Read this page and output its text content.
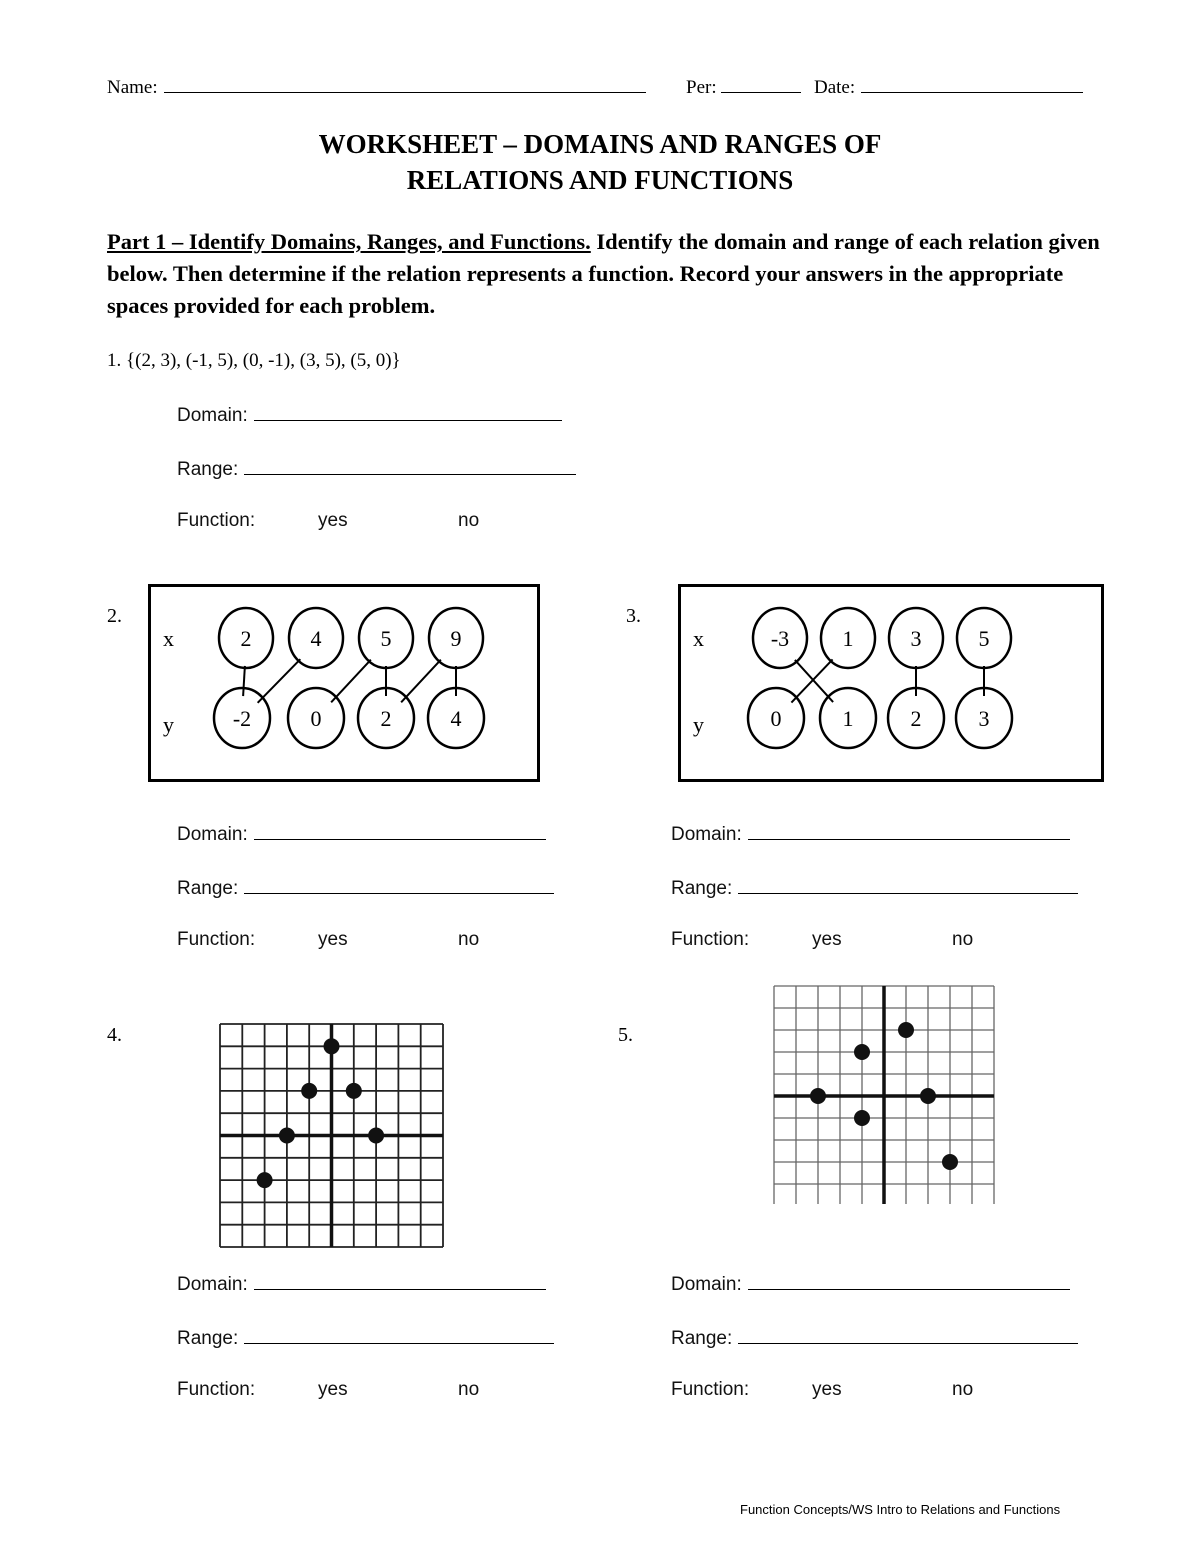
Name:	Per:	Date:
WORKSHEET – DOMAINS AND RANGES OF
RELATIONS AND FUNCTIONS
Part 1 – Identify Domains, Ranges, and Functions. Identify the domain and range of each relation given below. Then determine if the relation represents a function. Record your answers in the appropriate spaces provided for each problem.
1. {(2, 3), (-1, 5), (0, -1), (3, 5), (5, 0)}
Domain:
Range:
Function:	yes	no
Domain:
Range:
Function:	yes	no
Domain:
Range:
Function:	yes	no
Domain:
Range:
Function:	yes	no
Domain:
Range:
Function:	yes	no
2.
x
y
2	4	5	9
-2	0	2	4
3.
x
y
-3 1	3	5
0	1	2	3
4.	5.
Function Concepts/WS Intro to Relations and Functions
